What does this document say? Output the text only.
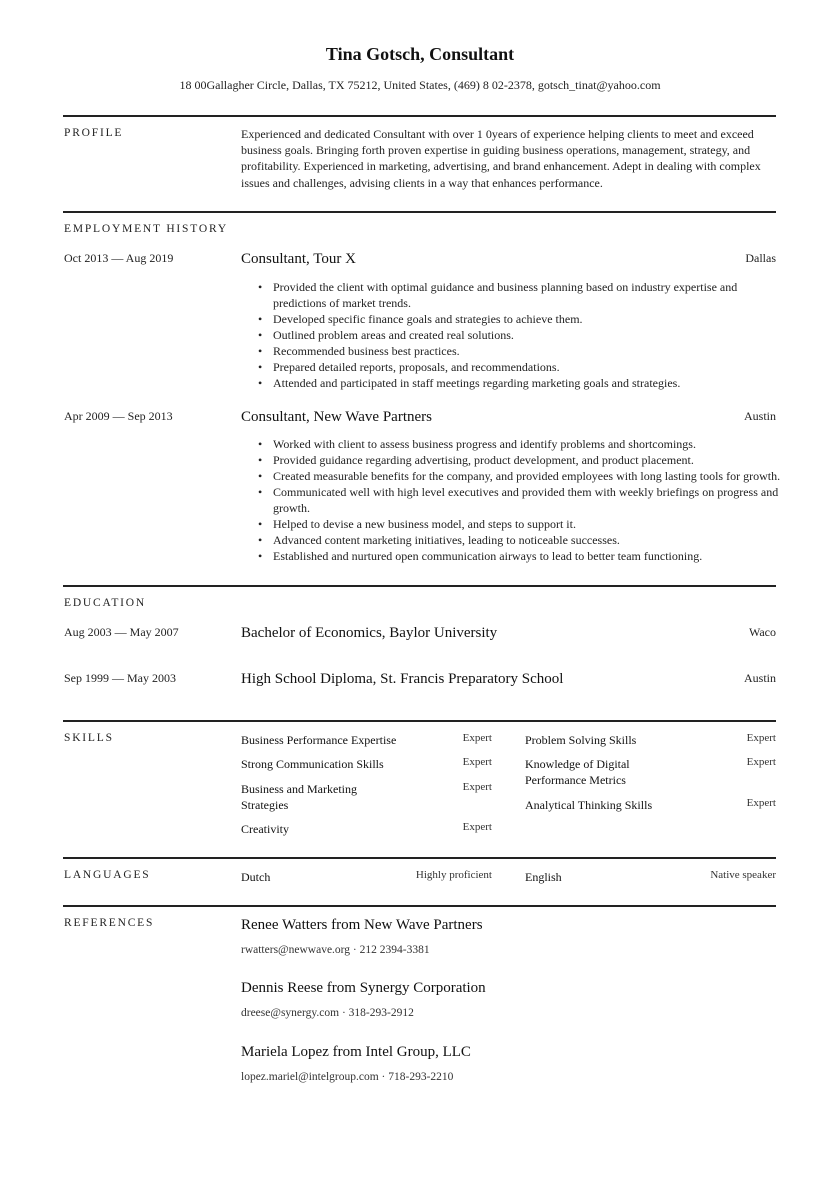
Tina Gotsch, Consultant
18 00Gallagher Circle, Dallas, TX 75212, United States, (469) 8 02-2378, gotsch_tinat@yahoo.com
PROFILE	Experienced and dedicated Consultant with over 1 0years of experience helping clients to meet and exceed business goals. Bringing forth proven expertise in guiding business operations, management, strategy, and profitability. Experienced in marketing, advertising, and brand enhancement. Adept in dealing with complex issues and challenges, advising clients in a way that enhances performance.
EMPLOYMENT HISTORY
Oct 2013 — Aug 2019	Consultant, Tour X	Dallas
• Provided the client with optimal guidance and business planning based on industry expertise and predictions of market trends.
• Developed specific finance goals and strategies to achieve them.
• Outlined problem areas and created real solutions.
• Recommended business best practices.
• Prepared detailed reports, proposals, and recommendations.
• Attended and participated in staff meetings regarding marketing goals and strategies.
Apr 2009 — Sep 2013	Consultant, New Wave Partners	Austin
• Worked with client to assess business progress and identify problems and shortcomings.
• Provided guidance regarding advertising, product development, and product placement.
• Created measurable benefits for the company, and provided employees with long lasting tools for growth.
• Communicated well with high level executives and provided them with weekly briefings on progress and growth.
• Helped to devise a new business model, and steps to support it.
• Advanced content marketing initiatives, leading to noticeable successes.
• Established and nurtured open communication airways to lead to better team functioning.
EDUCATION
Aug 2003 — May 2007	Bachelor of Economics, Baylor University	Waco
Sep 1999 — May 2003	High School Diploma, St. Francis Preparatory School	Austin
SKILLS	Business Performance Expertise	Expert
Strong Communication Skills	Expert
Business and Marketing Strategies
Expert
Creativity	Expert
Problem Solving Skills	Expert
Knowledge of Digital Performance Metrics
Expert
Analytical Thinking Skills	Expert
LANGUAGES	Dutch	Highly proficient	English	Native speaker
REFERENCES	Renee Watters from New Wave Partners
rwatters@newwave.org · 212 2394-3381
Dennis Reese from Synergy Corporation
dreese@synergy.com · 318-293-2912
Mariela Lopez from Intel Group, LLC
lopez.mariel@intelgroup.com · 718-293-2210
